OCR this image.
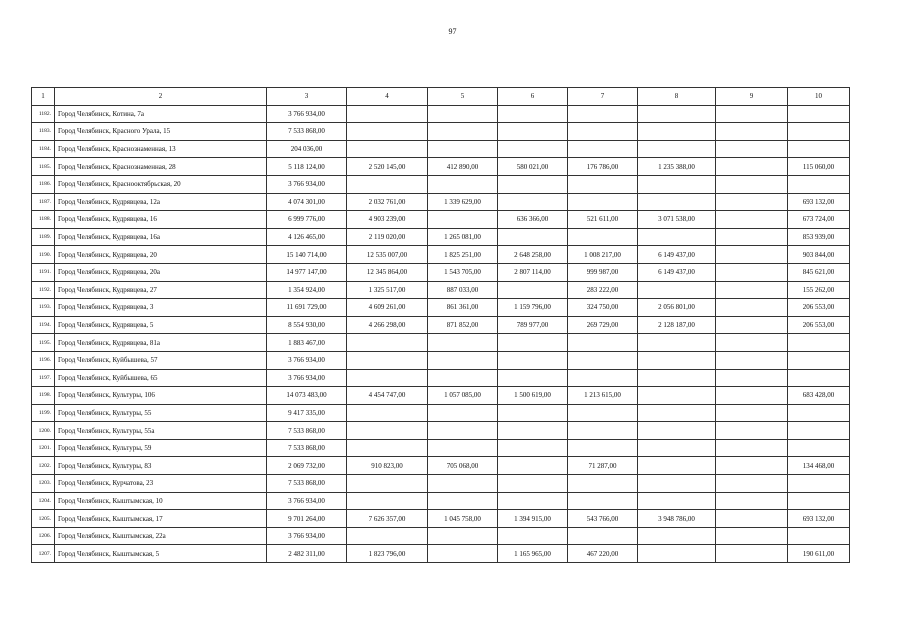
97
1	2	3	4	5	6	7	8	9	10
1182.	Город Челябинск, Котина, 7а	3 766 934,00							
1183.	Город Челябинск, Красного Урала, 15	7 533 868,00							
1184.	Город Челябинск, Краснознаменная, 13	204 036,00							
1185.	Город Челябинск, Краснознаменная, 28	5 118 124,00	2 520 145,00	412 890,00	580 021,00	176 786,00	1 235 388,00		115 060,00
1186.	Город Челябинск, Красноoктябрьская, 20	3 766 934,00							
1187.	Город Челябинск, Кудрявцева, 12а	4 074 301,00	2 032 761,00	1 339 629,00					693 132,00
1188.	Город Челябинск, Кудрявцева, 16	6 999 776,00	4 903 239,00		636 366,00	521 611,00	3 071 538,00		673 724,00
1189.	Город Челябинск, Кудрявцева, 16а	4 126 465,00	2 119 020,00	1 265 081,00					853 939,00
1190.	Город Челябинск, Кудрявцева, 20	15 140 714,00	12 535 007,00	1 825 251,00	2 648 258,00	1 008 217,00	6 149 437,00		903 844,00
1191.	Город Челябинск, Кудрявцева, 20а	14 977 147,00	12 345 864,00	1 543 705,00	2 807 114,00	999 987,00	6 149 437,00		845 621,00
1192.	Город Челябинск, Кудрявцева, 27	1 354 924,00	1 325 517,00	887 033,00		283 222,00			155 262,00
1193.	Город Челябинск, Кудрявцева, 3	11 691 729,00	4 609 261,00	861 361,00	1 159 796,00	324 750,00	2 056 801,00		206 553,00
1194.	Город Челябинск, Кудрявцева, 5	8 554 930,00	4 266 298,00	871 852,00	789 977,00	269 729,00	2 128 187,00		206 553,00
1195.	Город Челябинск, Кудрявцева, 81а	1 883 467,00							
1196.	Город Челябинск, Куйбышева, 57	3 766 934,00							
1197.	Город Челябинск, Куйбышева, 65	3 766 934,00							
1198.	Город Челябинск, Культуры, 106	14 073 483,00	4 454 747,00	1 057 085,00	1 500 619,00	1 213 615,00			683 428,00
1199.	Город Челябинск, Культуры, 55	9 417 335,00							
1200.	Город Челябинск, Культуры, 55а	7 533 868,00							
1201.	Город Челябинск, Культуры, 59	7 533 868,00							
1202.	Город Челябинск, Культуры, 83	2 069 732,00	910 823,00	705 068,00		71 287,00			134 468,00
1203.	Город Челябинск, Курчатова, 23	7 533 868,00							
1204.	Город Челябинск, Кыштымская, 10	3 766 934,00							
1205.	Город Челябинск, Кыштымская, 17	9 701 264,00	7 626 357,00	1 045 758,00	1 394 915,00	543 766,00	3 948 786,00		693 132,00
1206.	Город Челябинск, Кыштымская, 22а	3 766 934,00							
1207.	Город Челябинск, Кыштымская, 5	2 482 311,00	1 823 796,00		1 165 965,00	467 220,00			190 611,00
